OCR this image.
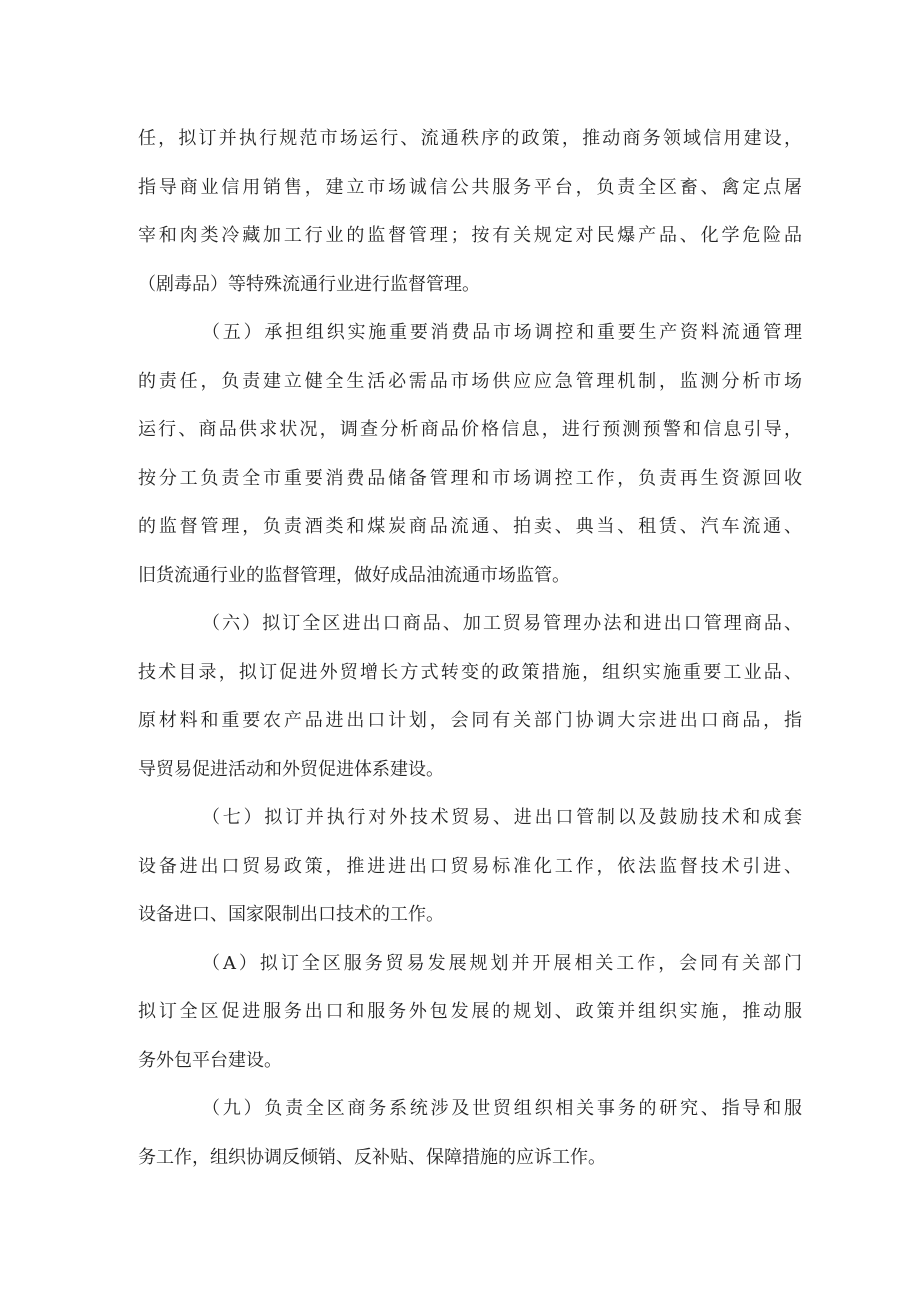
任，拟订并执行规范市场运行、流通秩序的政策，推动商务领域信用建设，
指导商业信用销售，建立市场诚信公共服务平台，负责全区畜、禽定点屠
宰和肉类冷藏加工行业的监督管理；按有关规定对民爆产品、化学危险品
（剧毒品）等特殊流通行业进行监督管理。
（五）承担组织实施重要消费品市场调控和重要生产资料流通管理
的责任，负责建立健全生活必需品市场供应应急管理机制，监测分析市场
运行、商品供求状况，调查分析商品价格信息，进行预测预警和信息引导，
按分工负责全市重要消费品储备管理和市场调控工作，负责再生资源回收
的监督管理，负责酒类和煤炭商品流通、拍卖、典当、租赁、汽车流通、
旧货流通行业的监督管理，做好成品油流通市场监管。
（六）拟订全区进出口商品、加工贸易管理办法和进出口管理商品、
技术目录，拟订促进外贸增长方式转变的政策措施，组织实施重要工业品、
原材料和重要农产品进出口计划，会同有关部门协调大宗进出口商品，指
导贸易促进活动和外贸促进体系建设。
（七）拟订并执行对外技术贸易、进出口管制以及鼓励技术和成套
设备进出口贸易政策，推进进出口贸易标准化工作，依法监督技术引进、
设备进口、国家限制出口技术的工作。
（A）拟订全区服务贸易发展规划并开展相关工作，会同有关部门
拟订全区促进服务出口和服务外包发展的规划、政策并组织实施，推动服
务外包平台建设。
（九）负责全区商务系统涉及世贸组织相关事务的研究、指导和服
务工作，组织协调反倾销、反补贴、保障措施的应诉工作。
